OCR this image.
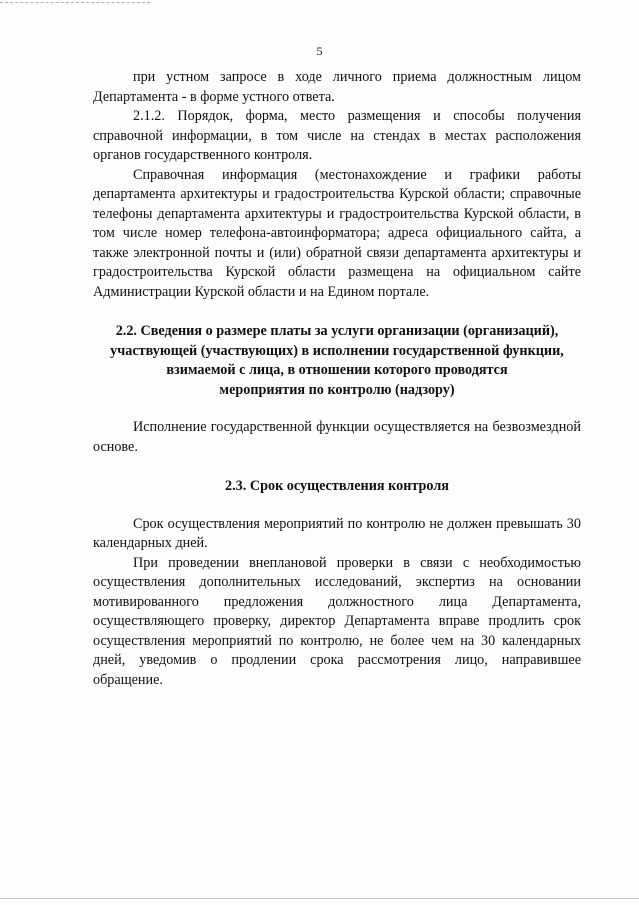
5

при устном запросе в ходе личного приема должностным лицом Департамента - в форме устного ответа.

2.1.2. Порядок, форма, место размещения и способы получения справочной информации, в том числе на стендах в местах расположения органов государственного контроля.

Справочная информация (местонахождение и графики работы департамента архитектуры и градостроительства Курской области; справочные телефоны департамента архитектуры и градостроительства Курской области, в том числе номер телефона-автоинформатора; адреса официального сайта, а также электронной почты и (или) обратной связи департамента архитектуры и градостроительства Курской области размещена на официальном сайте Администрации Курской области и на Едином портале.

2.2. Сведения о размере платы за услуги организации (организаций),

участвующей (участвующих) в исполнении государственной функции,

взимаемой с лица, в отношении которого проводятся

мероприятия по контролю (надзору)

Исполнение государственной функции осуществляется на безвозмездной основе.

2.3. Срок осуществления контроля

Срок осуществления мероприятий по контролю не должен превышать 30 календарных дней.

При проведении внеплановой проверки в связи с необходимостью осуществления дополнительных исследований, экспертиз на основании мотивированного предложения должностного лица Департамента, осуществляющего проверку, директор Департамента вправе продлить срок осуществления мероприятий по контролю, не более чем на 30 календарных дней, уведомив о продлении срока рассмотрения лицо, направившее обращение.
